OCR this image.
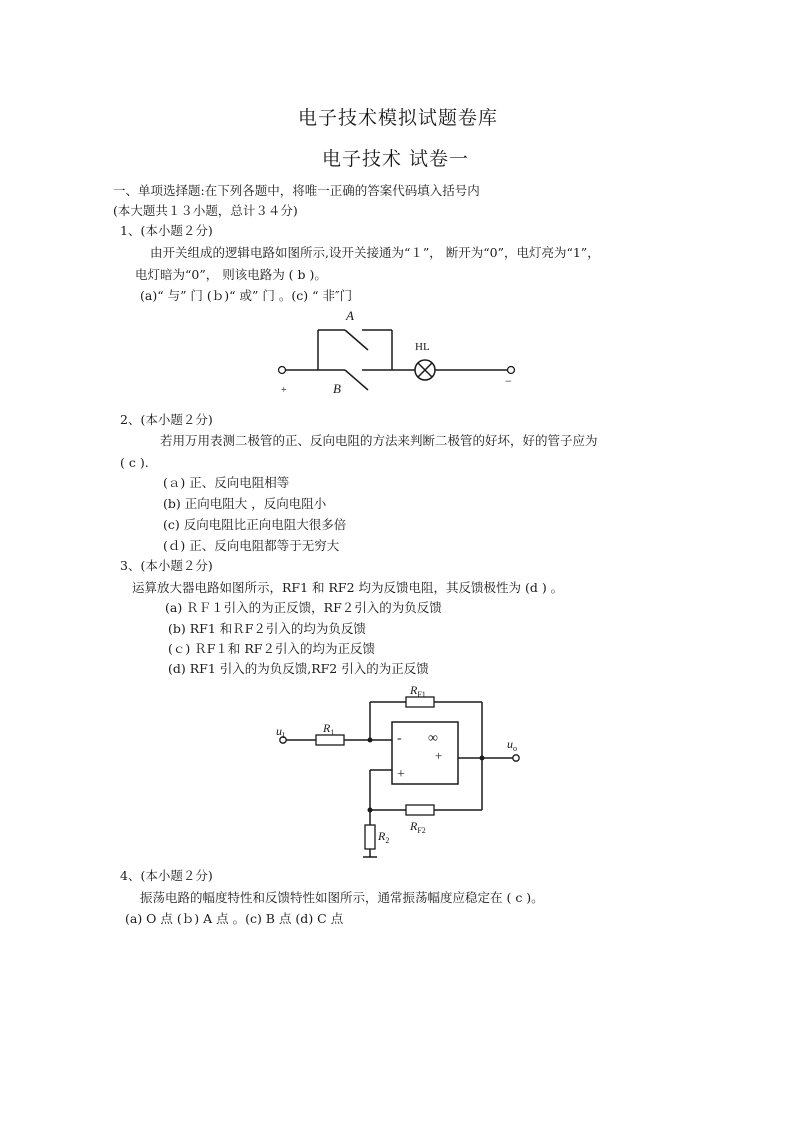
电子技术模拟试题卷库
电子技术 试卷一
一、单项选择题:在下列各题中，将唯一正确的答案代码填入括号内
(本大题共１３小题，总计３４分)
1、(本小题２分)
由开关组成的逻辑电路如图所示,设开关接通为“１”， 断开为“0”，电灯亮为“1”，
电灯暗为“0”， 则该电路为 ( b )。
(a)“ 与” 门 (ｂ)“ 或” 门 。(c) “ 非″门
A
B
HL
+
−
2、(本小题２分)
若用万用表测二极管的正、反向电阻的方法来判断二极管的好坏，好的管子应为
( c ).
(ａ) 正、反向电阻相等
(b) 正向电阻大 ，反向电阻小
(c) 反向电阻比正向电阻大很多倍
(ｄ) 正、反向电阻都等于无穷大
3、(本小题２分)
运算放大器电路如图所示，RF1 和 RF2 均为反馈电阻，其反馈极性为 (d ) 。
(a) ＲＦ１引入的为正反馈，RF２引入的为负反馈
(b) RF1 和ＲF２引入的均为负反馈
(ｃ) ＲF１和 RF２引入的均为正反馈
(d) RF1 引入的为负反馈,RF2 引入的为正反馈
-
+
∞
+
$u_I$
$R_1$
$R_{F1}$
$R_{F2}$
$R_2$
$u_o$
4、(本小题２分)
振荡电路的幅度特性和反馈特性如图所示，通常振荡幅度应稳定在 ( c )。
(a) O 点 (ｂ) A 点 。(c) B 点 (d) C 点
